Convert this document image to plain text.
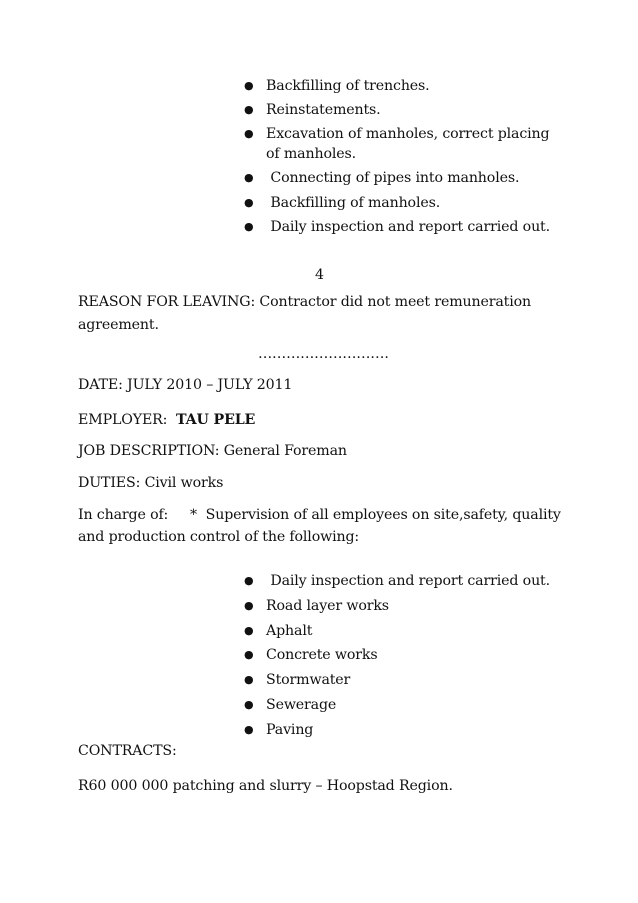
● Backfilling of trenches.
● Reinstatements.
● Excavation of manholes, correct placing of manholes.
● Connecting of pipes into manholes.
● Backfilling of manholes.
● Daily inspection and report carried out.
4
REASON FOR LEAVING: Contractor did not meet remuneration
agreement.
……………………….
DATE: JULY 2010 – JULY 2011
EMPLOYER:  TAU PELE
JOB DESCRIPTION: General Foreman
DUTIES: Civil works
In charge of:     *  Supervision of all employees on site,safety, quality
and production control of the following:
● Daily inspection and report carried out.
● Road layer works
● Aphalt
● Concrete works
● Stormwater
● Sewerage
● Paving
CONTRACTS:
R60 000 000 patching and slurry – Hoopstad Region.
